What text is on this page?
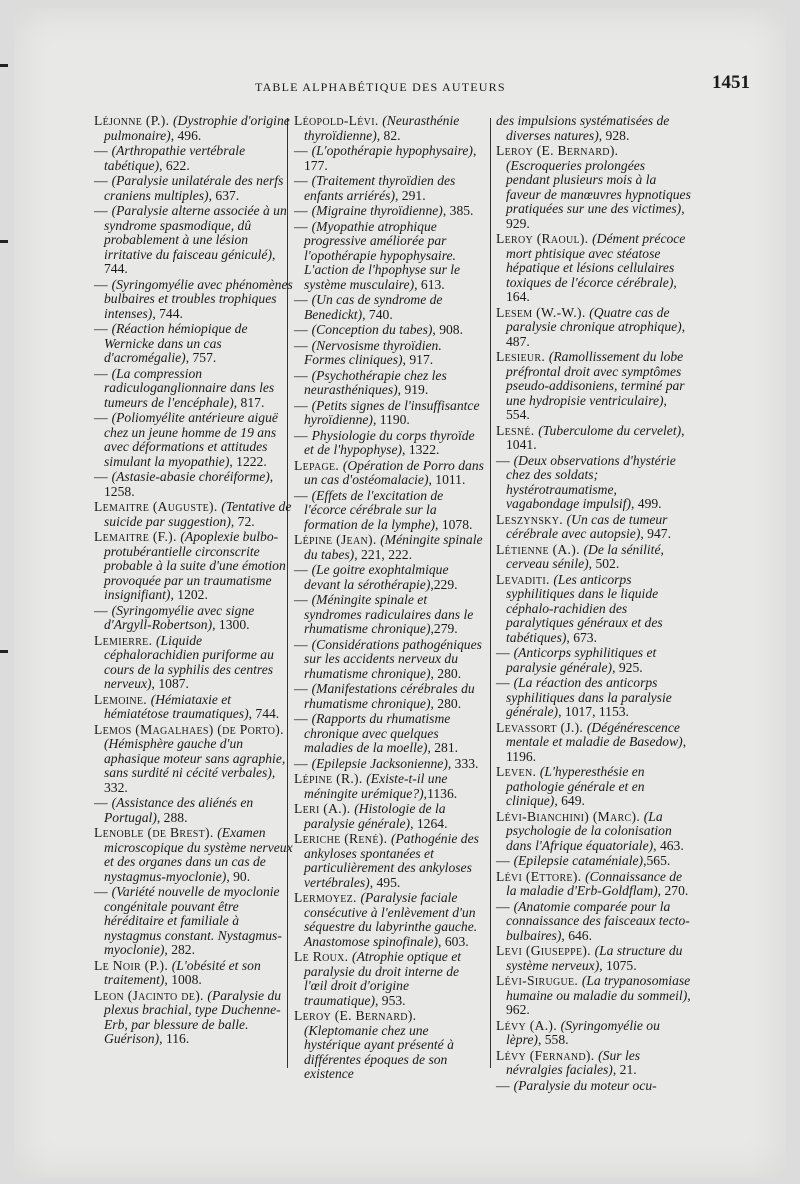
TABLE ALPHABÉTIQUE DES AUTEURS	1451
Léjonne (P.). (Dystrophie d'origine pulmonaire), 496.
— (Arthropathie vertébrale tabétique), 622.
— (Paralysie unilatérale des nerfs craniens multiples), 637.
— (Paralysie alterne associée à un syndrome spasmodique, dû probablement à une lésion irritative du faisceau géniculé), 744.
— (Syringomyélie avec phénomènes bulbaires et troubles trophiques intenses), 744.
— (Réaction hémiopique de Wernicke dans un cas d'acromégalie), 757.
— (La compression radiculoganglionnaire dans les tumeurs de l'encéphale), 817.
— (Poliomyélite antérieure aiguë chez un jeune homme de 19 ans avec déformations et attitudes simulant la myopathie), 1222.
— (Astasie-abasie choréiforme), 1258.
Lemaitre (Auguste). (Tentative de suicide par suggestion), 72.
Lemaitre (F.). (Apoplexie bulbo-protubérantielle circonscrite probable à la suite d'une émotion provoquée par un traumatisme insignifiant), 1202.
— (Syringomyélie avec signe d'Argyll-Robertson), 1300.
Lemierre. (Liquide céphalorachidien puriforme au cours de la syphilis des centres nerveux), 1087.
Lemoine. (Hémiataxie et hémiatétose traumatiques), 744.
Lemos (Magalhaes) (de Porto). (Hémisphère gauche d'un aphasique moteur sans agraphie, sans surdité ni cécité verbales), 332.
— (Assistance des aliénés en Portugal), 288.
Lenoble (de Brest). (Examen microscopique du système nerveux et des organes dans un cas de nystagmus-myoclonie), 90.
— (Variété nouvelle de myoclonie congénitale pouvant être héréditaire et familiale à nystagmus constant. Nystagmus-myoclonie), 282.
Le Noir (P.). (L'obésité et son traitement), 1008.
Leon (Jacinto de). (Paralysie du plexus brachial, type Duchenne-Erb, par blessure de balle. Guérison), 116.
Léopold-Lévi. (Neurasthénie thyroïdienne), 82.
— (L'opothérapie hypophysaire), 177.
— (Traitement thyroïdien des enfants arriérés), 291.
— (Migraine thyroïdienne), 385.
— (Myopathie atrophique progressive améliorée par l'opothérapie hypophysaire. L'action de l'hpophyse sur le système musculaire), 613.
— (Un cas de syndrome de Benedickt), 740.
— (Conception du tabes), 908.
— (Nervosisme thyroïdien. Formes cliniques), 917.
— (Psychothérapie chez les neurasthéniques), 919.
— (Petits signes de l'insuffisantce hyroïdienne), 1190.
— Physiologie du corps thyroïde et de l'hypophyse), 1322.
Lepage. (Opération de Porro dans un cas d'ostéomalacie), 1011.
— (Effets de l'excitation de l'écorce cérébrale sur la formation de la lymphe), 1078.
Lépine (Jean). (Méningite spinale du tabes), 221, 222.
— (Le goitre exophtalmique devant la sérothérapie),229.
— (Méningite spinale et syndromes radiculaires dans le rhumatisme chronique),279.
— (Considérations pathogéniques sur les accidents nerveux du rhumatisme chronique), 280.
— (Manifestations cérébrales du rhumatisme chronique), 280.
— (Rapports du rhumatisme chronique avec quelques maladies de la moelle), 281.
— (Epilepsie Jacksonienne), 333.
Lépine (R.). (Existe-t-il une méningite urémique?),1136.
Leri (A.). (Histologie de la paralysie générale), 1264.
Leriche (René). (Pathogénie des ankyloses spontanées et particulièrement des ankyloses vertébrales), 495.
Lermoyez. (Paralysie faciale consécutive à l'enlèvement d'un séquestre du labyrinthe gauche. Anastomose spinofinale), 603.
Le Roux. (Atrophie optique et paralysie du droit interne de l'œil droit d'origine traumatique), 953.
Leroy (E. Bernard). (Kleptomanie chez une hystérique ayant présenté à différentes époques de son existence
des impulsions systématisées de diverses natures), 928.
Leroy (E. Bernard). (Escroqueries prolongées pendant plusieurs mois à la faveur de manœuvres hypnotiques pratiquées sur une des victimes), 929.
Leroy (Raoul). (Dément précoce mort phtisique avec stéatose hépatique et lésions cellulaires toxiques de l'écorce cérébrale), 164.
Lesem (W.-W.). (Quatre cas de paralysie chronique atrophique), 487.
Lesieur. (Ramollissement du lobe préfrontal droit avec symptômes pseudo-addisoniens, terminé par une hydropisie ventriculaire), 554.
Lesné. (Tuberculome du cervelet), 1041.
— (Deux observations d'hystérie chez des soldats; hystérotraumatisme, vagabondage impulsif), 499.
Leszynsky. (Un cas de tumeur cérébrale avec autopsie), 947.
Létienne (A.). (De la sénilité, cerveau sénile), 502.
Levaditi. (Les anticorps syphilitiques dans le liquide céphalo-rachidien des paralytiques généraux et des tabétiques), 673.
— (Anticorps syphilitiques et paralysie générale), 925.
— (La réaction des anticorps syphilitiques dans la paralysie générale), 1017, 1153.
Levassort (J.). (Dégénérescence mentale et maladie de Basedow), 1196.
Leven. (L'hyperesthésie en pathologie générale et en clinique), 649.
Lévi-Bianchini) (Marc). (La psychologie de la colonisation dans l'Afrique équatoriale), 463.
— (Epilepsie cataméniale),565.
Lévi (Ettore). (Connaissance de la maladie d'Erb-Goldflam), 270.
— (Anatomie comparée pour la connaissance des faisceaux tecto-bulbaires), 646.
Levi (Giuseppe). (La structure du système nerveux), 1075.
Lévi-Sirugue. (La trypanosomiase humaine ou maladie du sommeil), 962.
Lévy (A.). (Syringomyélie ou lèpre), 558.
Lévy (Fernand). (Sur les névralgies faciales), 21.
— (Paralysie du moteur ocu-
